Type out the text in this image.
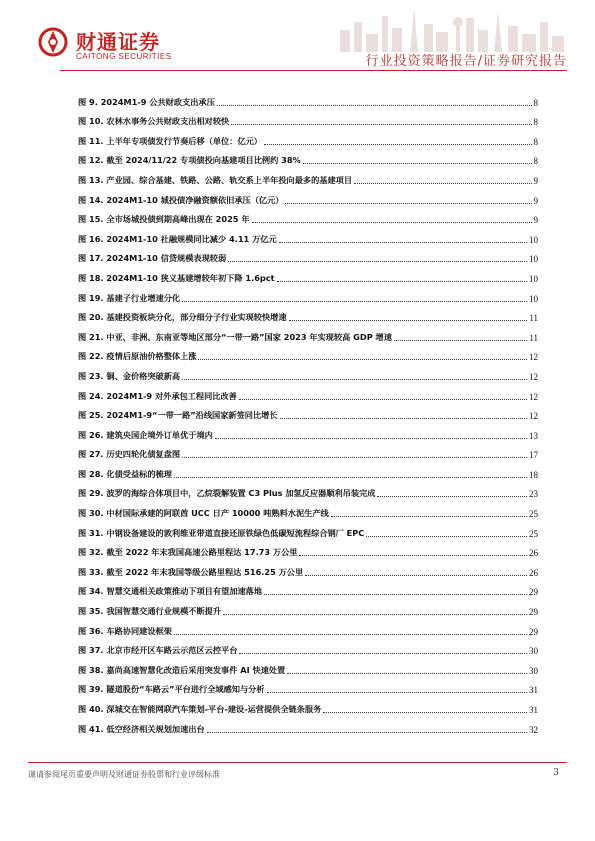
财通证券
CAITONG SECURITIES	行业投资策略报告/证券研究报告
图 9. 2024M1-9 公共财政支出承压	8
图 10. 农林水事务公共财政支出相对较快	8
图 11. 上半年专项债发行节奏后移（单位：亿元）	8
图 12. 截至 2024/11/22 专项债投向基建项目比例约 38%	8
图 13. 产业园、综合基建、铁路、公路、轨交系上半年投向最多的基建项目	9
图 14. 2024M1-10 城投债净融资额依旧承压（亿元）	9
图 15. 全市场城投债到期高峰出现在 2025 年	9
图 16. 2024M1-10 社融规模同比减少 4.11 万亿元	10
图 17. 2024M1-10 信贷规模表现较弱	10
图 18. 2024M1-10 狭义基建增较年初下降 1.6pct	10
图 19. 基建子行业增速分化	10
图 20. 基建投资板块分化，部分细分子行业实现较快增速	11
图 21. 中亚、非洲、东南亚等地区部分“一带一路”国家 2023 年实现较高 GDP 增速	11
图 22. 疫情后原油价格整体上涨	12
图 23. 铜、金价格突破新高	12
图 24. 2024M1-9 对外承包工程同比改善	12
图 25. 2024M1-9“一带一路”沿线国家新签同比增长	12
图 26. 建筑央国企境外订单优于境内	13
图 27. 历史四轮化债复盘图	17
图 28. 化债受益标的梳理	18
图 29. 波罗的海综合体项目中，乙烷裂解装置 C3 Plus 加氢反应器顺利吊装完成	23
图 30. 中材国际承建的阿联酋 UCC 日产 10000 吨熟料水泥生产线	25
图 31. 中钢设备建设的敦利维亚带道直接还原铁绿色低碳短流程综合钢厂 EPC	25
图 32. 截至 2022 年末我国高速公路里程达 17.73 万公里	26
图 33. 截至 2022 年末我国等级公路里程达 516.25 万公里	26
图 34. 智慧交通相关政策推动下项目有望加速落地	29
图 35. 我国智慧交通行业规模不断提升	29
图 36. 车路协同建设框架	29
图 37. 北京市经开区车路云示范区云控平台	30
图 38. 嘉尚高速智慧化改造后采用突发事件 AI 快速处置	30
图 39. 隧道股份“车路云”平台进行全域感知与分析	31
图 40. 深城交在智能网联汽车策划-平台-建设-运营提供全链条服务	31
图 41. 低空经济相关规划加速出台	32
谨请参阅尾页重要声明及财通证券股票和行业评级标准	3
